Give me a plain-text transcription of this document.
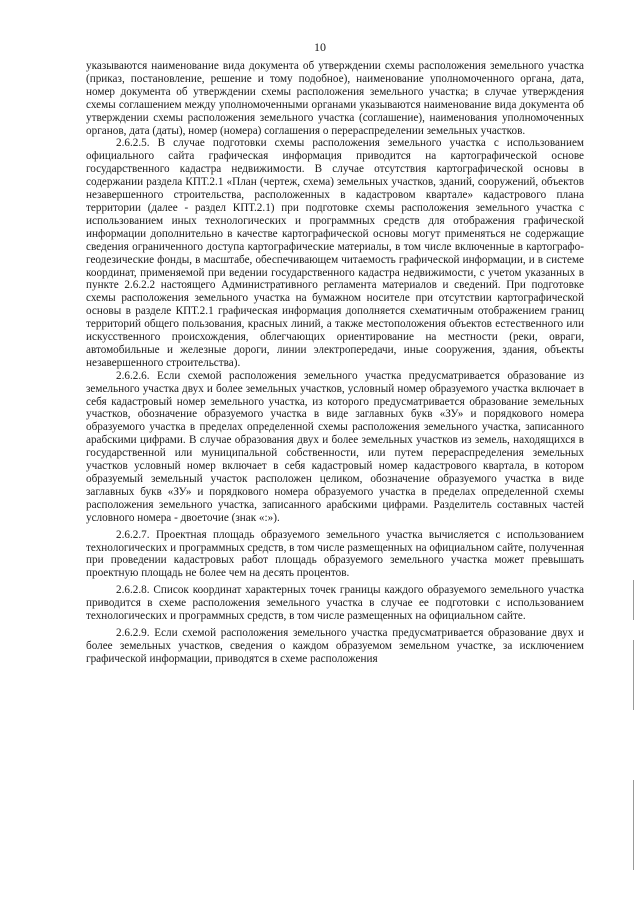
10

указываются наименование вида документа об утверждении схемы расположения земельного участка (приказ, постановление, решение и тому подобное), наименование уполномоченного органа, дата, номер документа об утверждении схемы расположения земельного участка; в случае утверждения схемы соглашением между уполномоченными органами указываются наименование вида документа об утверждении схемы расположения земельного участка (соглашение), наименования уполномоченных органов, дата (даты), номер (номера) соглашения о перераспределении земельных участков.

2.6.2.5. В случае подготовки схемы расположения земельного участка с использованием официального сайта графическая информация приводится на картографической основе государственного кадастра недвижимости. В случае отсутствия картографической основы в содержании раздела КПТ.2.1 «План (чертеж, схема) земельных участков, зданий, сооружений, объектов незавершенного строительства, расположенных в кадастровом квартале» кадастрового плана территории (далее - раздел КПТ.2.1) при подготовке схемы расположения земельного участка с использованием иных технологических и программных средств для отображения графической информации дополнительно в качестве картографической основы могут применяться не содержащие сведения ограниченного доступа картографические материалы, в том числе включенные в картографо-геодезические фонды, в масштабе, обеспечивающем читаемость графической информации, и в системе координат, применяемой при ведении государственного кадастра недвижимости, с учетом указанных в пункте 2.6.2.2 настоящего Административного регламента материалов и сведений. При подготовке схемы расположения земельного участка на бумажном носителе при отсутствии картографической основы в разделе КПТ.2.1 графическая информация дополняется схематичным отображением границ территорий общего пользования, красных линий, а также местоположения объектов естественного или искусственного происхождения, облегчающих ориентирование на местности (реки, овраги, автомобильные и железные дороги, линии электропередачи, иные сооружения, здания, объекты незавершенного строительства).

2.6.2.6. Если схемой расположения земельного участка предусматривается образование из земельного участка двух и более земельных участков, условный номер образуемого участка включает в себя кадастровый номер земельного участка, из которого предусматривается образование земельных участков, обозначение образуемого участка в виде заглавных букв «ЗУ» и порядкового номера образуемого участка в пределах определенной схемы расположения земельного участка, записанного арабскими цифрами. В случае образования двух и более земельных участков из земель, находящихся в государственной или муниципальной собственности, или путем перераспределения земельных участков условный номер включает в себя кадастровый номер кадастрового квартала, в котором образуемый земельный участок расположен целиком, обозначение образуемого участка в виде заглавных букв «ЗУ» и порядкового номера образуемого участка в пределах определенной схемы расположения земельного участка, записанного арабскими цифрами. Разделитель составных частей условного номера - двоеточие (знак «:»).

2.6.2.7. Проектная площадь образуемого земельного участка вычисляется с использованием технологических и программных средств, в том числе размещенных на официальном сайте, полученная при проведении кадастровых работ площадь образуемого земельного участка может превышать проектную площадь не более чем на десять процентов.

2.6.2.8. Список координат характерных точек границы каждого образуемого земельного участка приводится в схеме расположения земельного участка в случае ее подготовки с использованием технологических и программных средств, в том числе размещенных на официальном сайте.

2.6.2.9. Если схемой расположения земельного участка предусматривается образование двух и более земельных участков, сведения о каждом образуемом земельном участке, за исключением графической информации, приводятся в схеме расположения
